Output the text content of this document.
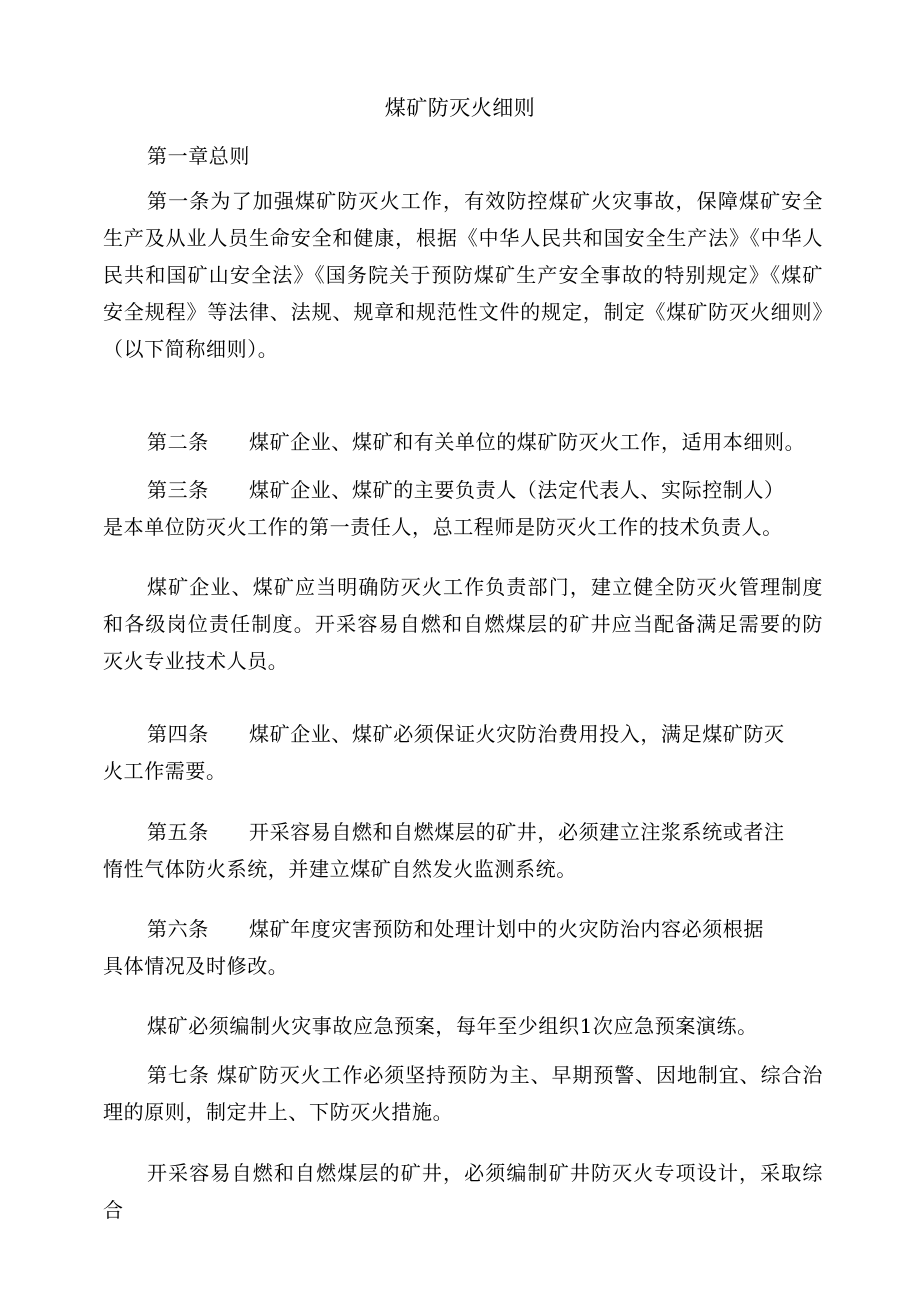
煤矿防灭火细则
第一章总则
第一条为了加强煤矿防灭火工作，有效防控煤矿火灾事故，保障煤矿安全生产及从业人员生命安全和健康，根据《中华人民共和国安全生产法》《中华人民共和国矿山安全法》《国务院关于预防煤矿生产安全事故的特别规定》《煤矿安全规程》等法律、法规、规章和规范性文件的规定，制定《煤矿防灭火细则》（以下简称细则）。
第二条 煤矿企业、煤矿和有关单位的煤矿防灭火工作，适用本细则。
第三条 煤矿企业、煤矿的主要负责人（法定代表人、实际控制人）
是本单位防灭火工作的第一责任人，总工程师是防灭火工作的技术负责人。
煤矿企业、煤矿应当明确防灭火工作负责部门，建立健全防灭火管理制度和各级岗位责任制度。开采容易自燃和自燃煤层的矿井应当配备满足需要的防灭火专业技术人员。
第四条 煤矿企业、煤矿必须保证火灾防治费用投入，满足煤矿防灭
火工作需要。
第五条 开采容易自燃和自燃煤层的矿井，必须建立注浆系统或者注
惰性气体防火系统，并建立煤矿自然发火监测系统。
第六条 煤矿年度灾害预防和处理计划中的火灾防治内容必须根据
具体情况及时修改。
煤矿必须编制火灾事故应急预案，每年至少组织1次应急预案演练。
第七条 煤矿防灭火工作必须坚持预防为主、早期预警、因地制宜、综合治理的原则，制定井上、下防灭火措施。
开采容易自燃和自燃煤层的矿井，必须编制矿井防灭火专项设计，采取综合
